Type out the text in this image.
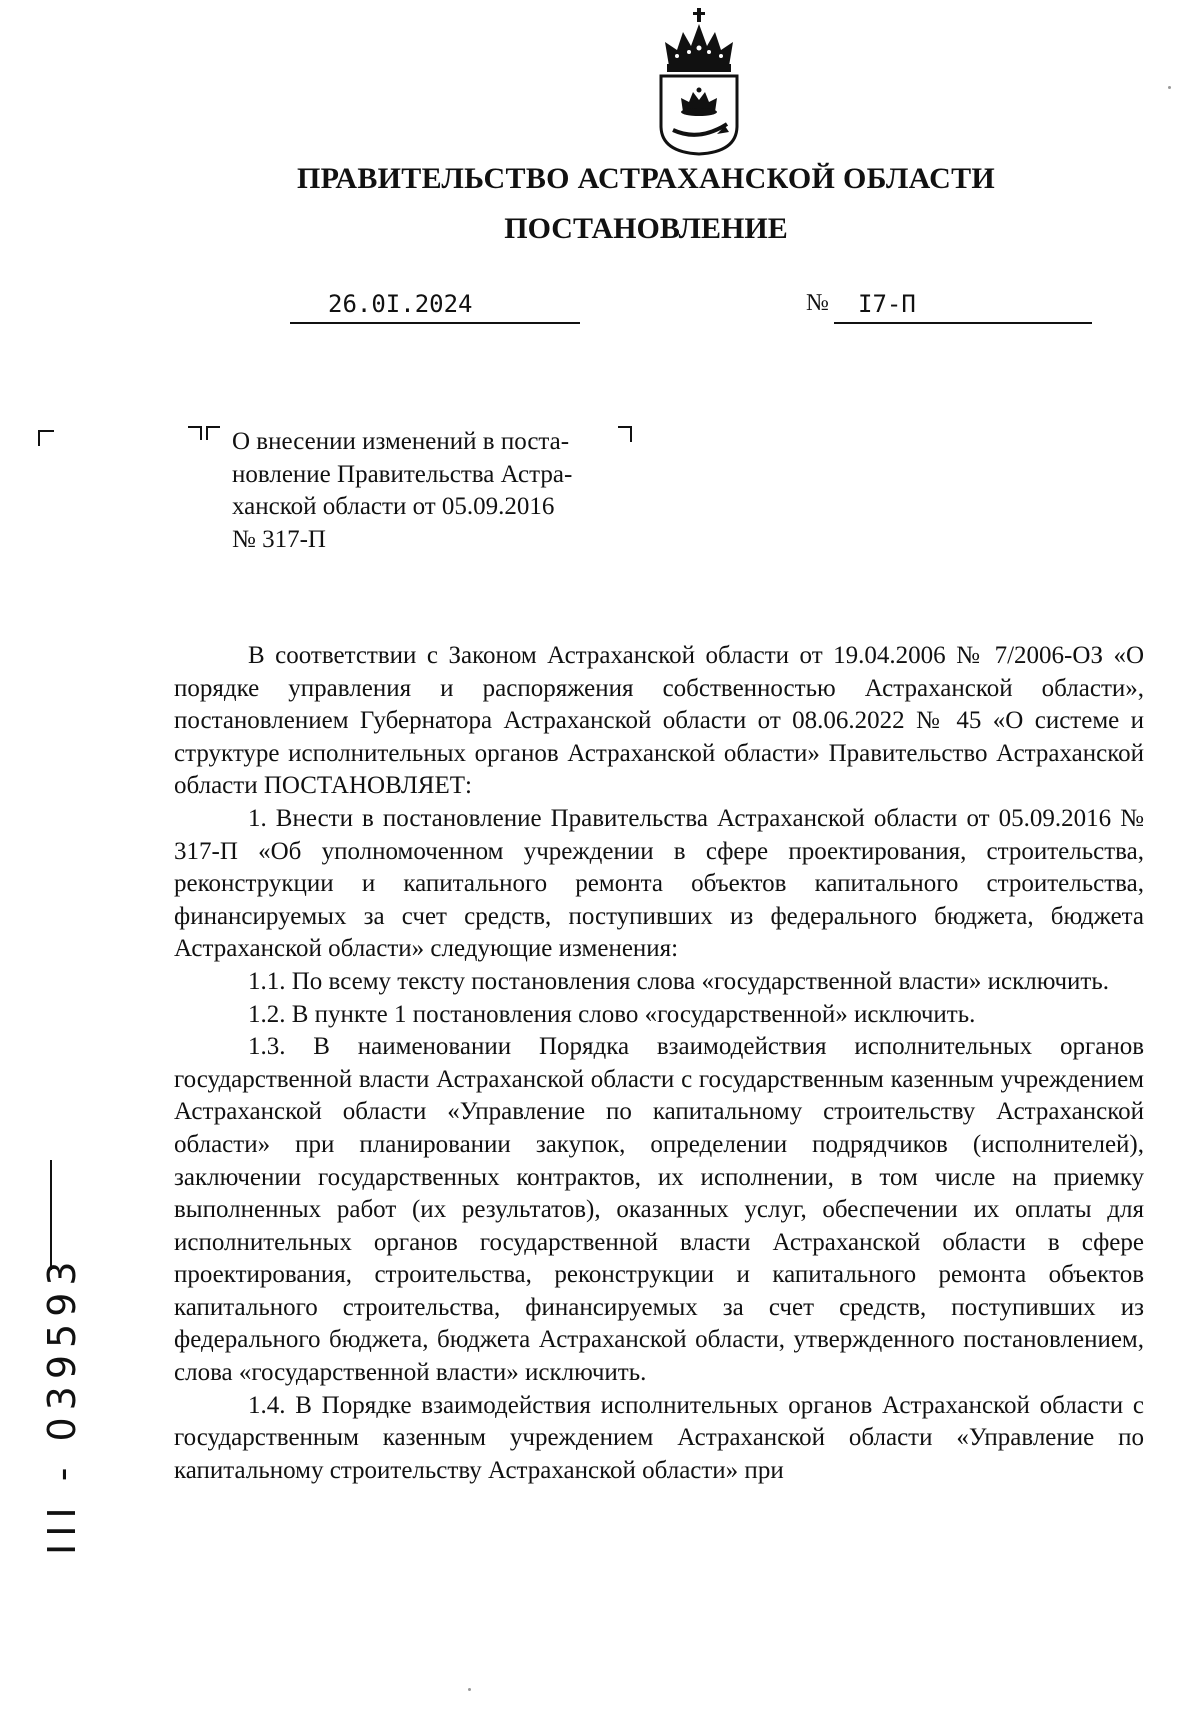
ПРАВИТЕЛЬСТВО АСТРАХАНСКОЙ ОБЛАСТИ
ПОСТАНОВЛЕНИЕ
26.0I.2024	№ I7-П
О внесении изменений в поста-
новление Правительства Астра-
ханской области от 05.09.2016
№ 317-П

В соответствии с Законом Астраханской области от 19.04.2006 № 7/2006-ОЗ «О порядке управления и распоряжения собственностью Астраханской области», постановлением Губернатора Астраханской области от 08.06.2022 № 45 «О системе и структуре исполнительных органов Астраханской области» Правительство Астраханской области ПОСТАНОВЛЯЕТ:

1. Внести в постановление Правительства Астраханской области от 05.09.2016 № 317-П «Об уполномоченном учреждении в сфере проектирования, строительства, реконструкции и капитального ремонта объектов капитального строительства, финансируемых за счет средств, поступивших из федерального бюджета, бюджета Астраханской области» следующие изменения:

1.1. По всему тексту постановления слова «государственной власти» исключить.

1.2. В пункте 1 постановления слово «государственной» исключить.

1.3. В наименовании Порядка взаимодействия исполнительных органов государственной власти Астраханской области с государственным казенным учреждением Астраханской области «Управление по капитальному строительству Астраханской области» при планировании закупок, определении подрядчиков (исполнителей), заключении государственных контрактов, их исполнении, в том числе на приемку выполненных работ (их результатов), оказанных услуг, обеспечении их оплаты для исполнительных органов государственной власти Астраханской области в сфере проектирования, строительства, реконструкции и капитального ремонта объектов капитального строительства, финансируемых за счет средств, поступивших из федерального бюджета, бюджета Астраханской области, утвержденного постановлением, слова «государственной власти» исключить.

1.4. В Порядке взаимодействия исполнительных органов Астраханской области с государственным казенным учреждением Астраханской области «Управление по капитальному строительству Астраханской области» при

ІІІ - 039593
